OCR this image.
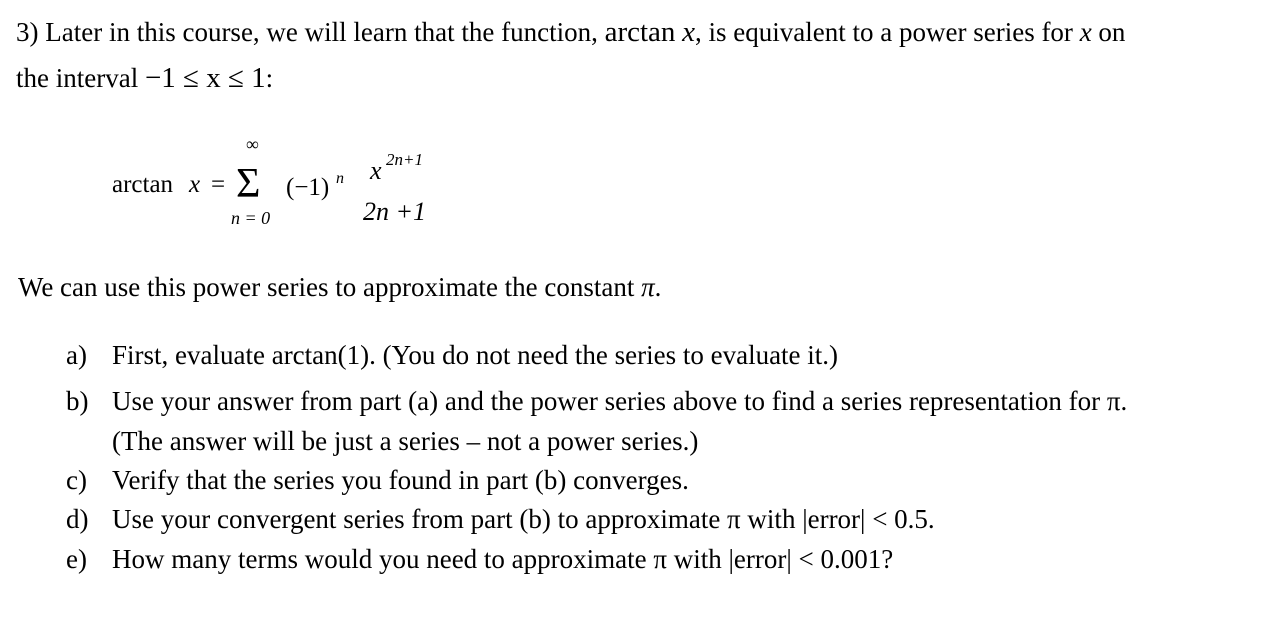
3) Later in this course, we will learn that the function, arctan x, is equivalent to a power series for x on
the interval −1 ≤ x ≤ 1:
arctan x =
∞
Σ
n = 0
(−1) n x 2n+1
2n +1
We can use this power series to approximate the constant π.
a) First, evaluate arctan(1). (You do not need the series to evaluate it.)
b) Use your answer from part (a) and the power series above to find a series representation for π.
(The answer will be just a series – not a power series.)
c) Verify that the series you found in part (b) converges.
d) Use your convergent series from part (b) to approximate π with |error| < 0.5.
e) How many terms would you need to approximate π with |error| < 0.001?
